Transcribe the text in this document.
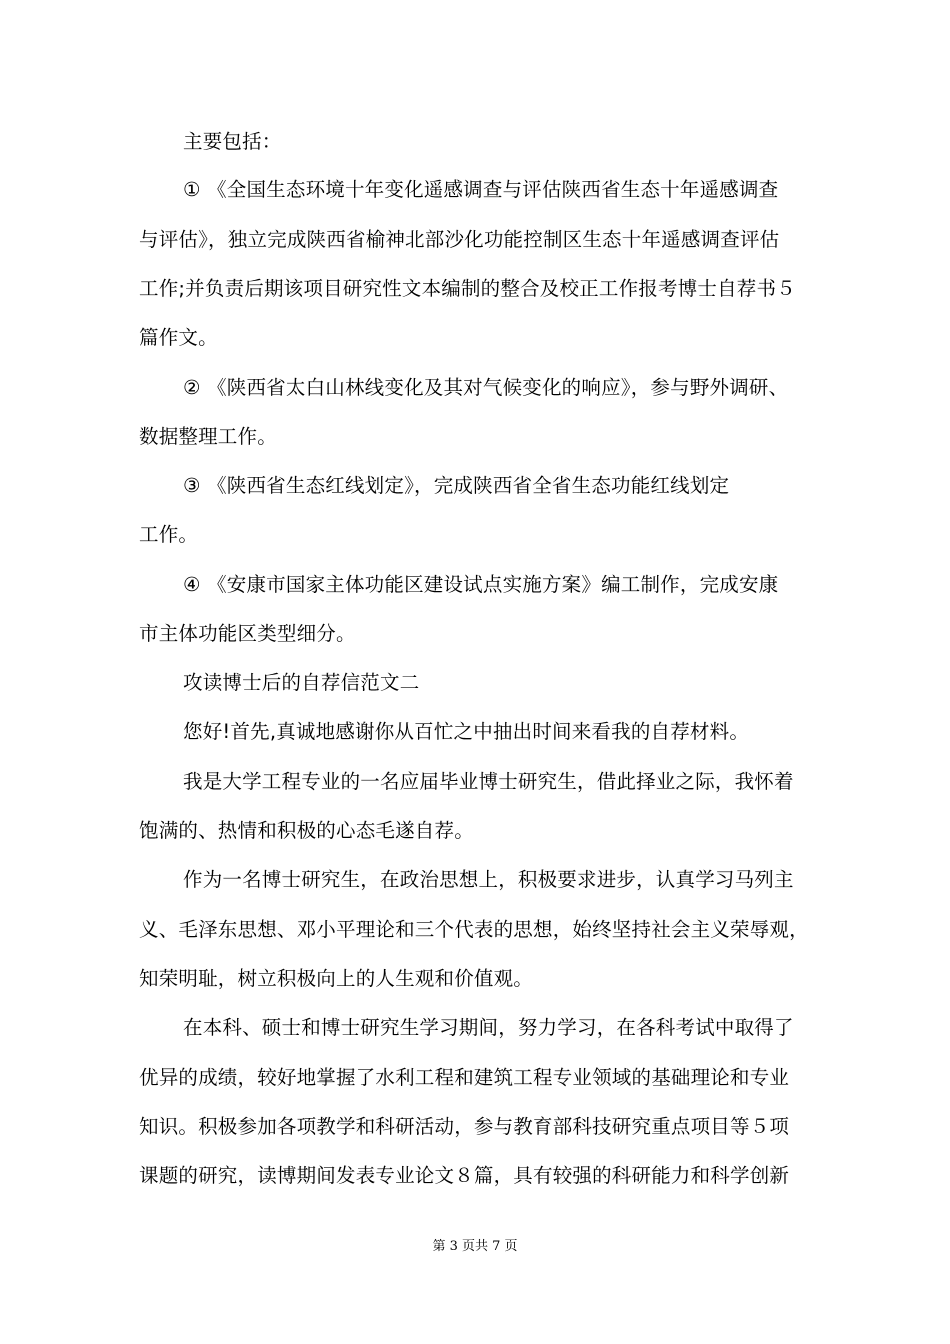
主要包括：
① 《全国生态环境十年变化遥感调查与评估陕西省生态十年遥感调查
与评估》，独立完成陕西省榆神北部沙化功能控制区生态十年遥感调查评估
工作;并负责后期该项目研究性文本编制的整合及校正工作报考博士自荐书５
篇作文。
② 《陕西省太白山林线变化及其对气候变化的响应》，参与野外调研、
数据整理工作。
③ 《陕西省生态红线划定》，完成陕西省全省生态功能红线划定
工作。
④ 《安康市国家主体功能区建设试点实施方案》编工制作，完成安康
市主体功能区类型细分。
攻读博士后的自荐信范文二
您好!首先,真诚地感谢你从百忙之中抽出时间来看我的自荐材料。
我是大学工程专业的一名应届毕业博士研究生，借此择业之际，我怀着
饱满的、热情和积极的心态毛遂自荐。
作为一名博士研究生，在政治思想上，积极要求进步，认真学习马列主
义、毛泽东思想、邓小平理论和三个代表的思想，始终坚持社会主义荣辱观，
知荣明耻，树立积极向上的人生观和价值观。
在本科、硕士和博士研究生学习期间，努力学习，在各科考试中取得了
优异的成绩，较好地掌握了水利工程和建筑工程专业领域的基础理论和专业
知识。积极参加各项教学和科研活动，参与教育部科技研究重点项目等５项
课题的研究，读博期间发表专业论文８篇，具有较强的科研能力和科学创新
第 3 页共 7 页
